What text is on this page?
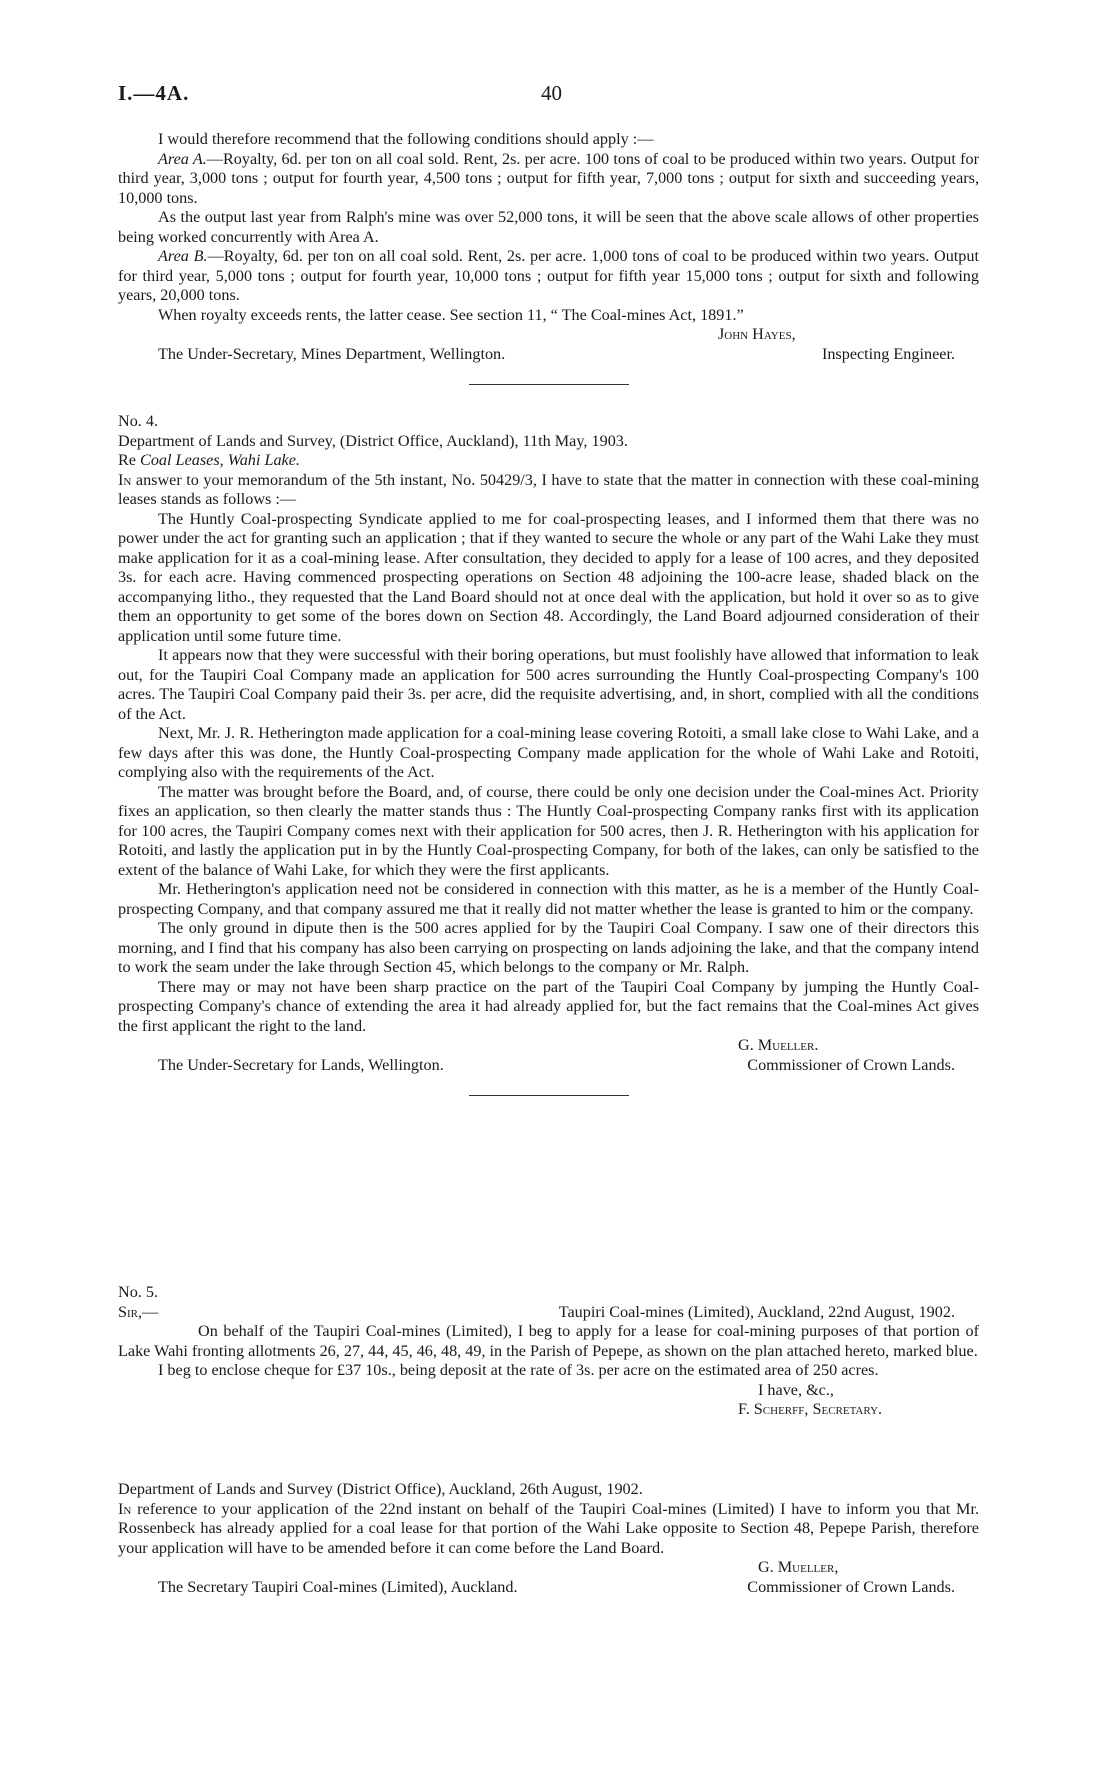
I.—4A.	40

I would therefore recommend that the following conditions should apply :—

Area A.—Royalty, 6d. per ton on all coal sold. Rent, 2s. per acre. 100 tons of coal to be produced within two years. Output for third year, 3,000 tons ; output for fourth year, 4,500 tons ; output for fifth year, 7,000 tons ; output for sixth and succeeding years, 10,000 tons.

As the output last year from Ralph's mine was over 52,000 tons, it will be seen that the above scale allows of other properties being worked concurrently with Area A.

Area B.—Royalty, 6d. per ton on all coal sold. Rent, 2s. per acre. 1,000 tons of coal to be produced within two years. Output for third year, 5,000 tons ; output for fourth year, 10,000 tons ; output for fifth year 15,000 tons ; output for sixth and following years, 20,000 tons.

When royalty exceeds rents, the latter cease. See section 11, “ The Coal-mines Act, 1891.”

John Hayes,

The Under-Secretary, Mines Department, Wellington.	Inspecting Engineer.

No. 4.

Department of Lands and Survey, (District Office, Auckland), 11th May, 1903.

Re Coal Leases, Wahi Lake.

In answer to your memorandum of the 5th instant, No. 50429/3, I have to state that the matter in connection with these coal-mining leases stands as follows :—

The Huntly Coal-prospecting Syndicate applied to me for coal-prospecting leases, and I informed them that there was no power under the act for granting such an application ; that if they wanted to secure the whole or any part of the Wahi Lake they must make application for it as a coal-mining lease. After consultation, they decided to apply for a lease of 100 acres, and they deposited 3s. for each acre. Having commenced prospecting operations on Section 48 adjoining the 100-acre lease, shaded black on the accompanying litho., they requested that the Land Board should not at once deal with the application, but hold it over so as to give them an opportunity to get some of the bores down on Section 48. Accordingly, the Land Board adjourned consideration of their application until some future time.

It appears now that they were successful with their boring operations, but must foolishly have allowed that information to leak out, for the Taupiri Coal Company made an application for 500 acres surrounding the Huntly Coal-prospecting Company's 100 acres. The Taupiri Coal Company paid their 3s. per acre, did the requisite advertising, and, in short, complied with all the conditions of the Act.

Next, Mr. J. R. Hetherington made application for a coal-mining lease covering Rotoiti, a small lake close to Wahi Lake, and a few days after this was done, the Huntly Coal-prospecting Company made application for the whole of Wahi Lake and Rotoiti, complying also with the requirements of the Act.

The matter was brought before the Board, and, of course, there could be only one decision under the Coal-mines Act. Priority fixes an application, so then clearly the matter stands thus : The Huntly Coal-prospecting Company ranks first with its application for 100 acres, the Taupiri Company comes next with their application for 500 acres, then J. R. Hetherington with his application for Rotoiti, and lastly the application put in by the Huntly Coal-prospecting Company, for both of the lakes, can only be satisfied to the extent of the balance of Wahi Lake, for which they were the first applicants.

Mr. Hetherington's application need not be considered in connection with this matter, as he is a member of the Huntly Coal-prospecting Company, and that company assured me that it really did not matter whether the lease is granted to him or the company.

The only ground in dipute then is the 500 acres applied for by the Taupiri Coal Company. I saw one of their directors this morning, and I find that his company has also been carrying on prospecting on lands adjoining the lake, and that the company intend to work the seam under the lake through Section 45, which belongs to the company or Mr. Ralph.

There may or may not have been sharp practice on the part of the Taupiri Coal Company by jumping the Huntly Coal-prospecting Company's chance of extending the area it had already applied for, but the fact remains that the Coal-mines Act gives the first applicant the right to the land.

G. Mueller.

The Under-Secretary for Lands, Wellington.	Commissioner of Crown Lands.

No. 5.

Sir,—	Taupiri Coal-mines (Limited), Auckland, 22nd August, 1902.

On behalf of the Taupiri Coal-mines (Limited), I beg to apply for a lease for coal-mining purposes of that portion of Lake Wahi fronting allotments 26, 27, 44, 45, 46, 48, 49, in the Parish of Pepepe, as shown on the plan attached hereto, marked blue.

I beg to enclose cheque for £37 10s., being deposit at the rate of 3s. per acre on the estimated area of 250 acres.

I have, &c.,

F. Scherff, Secretary.

Department of Lands and Survey (District Office), Auckland, 26th August, 1902.

In reference to your application of the 22nd instant on behalf of the Taupiri Coal-mines (Limited) I have to inform you that Mr. Rossenbeck has already applied for a coal lease for that portion of the Wahi Lake opposite to Section 48, Pepepe Parish, therefore your application will have to be amended before it can come before the Land Board.

G. Mueller,

The Secretary Taupiri Coal-mines (Limited), Auckland.	Commissioner of Crown Lands.
